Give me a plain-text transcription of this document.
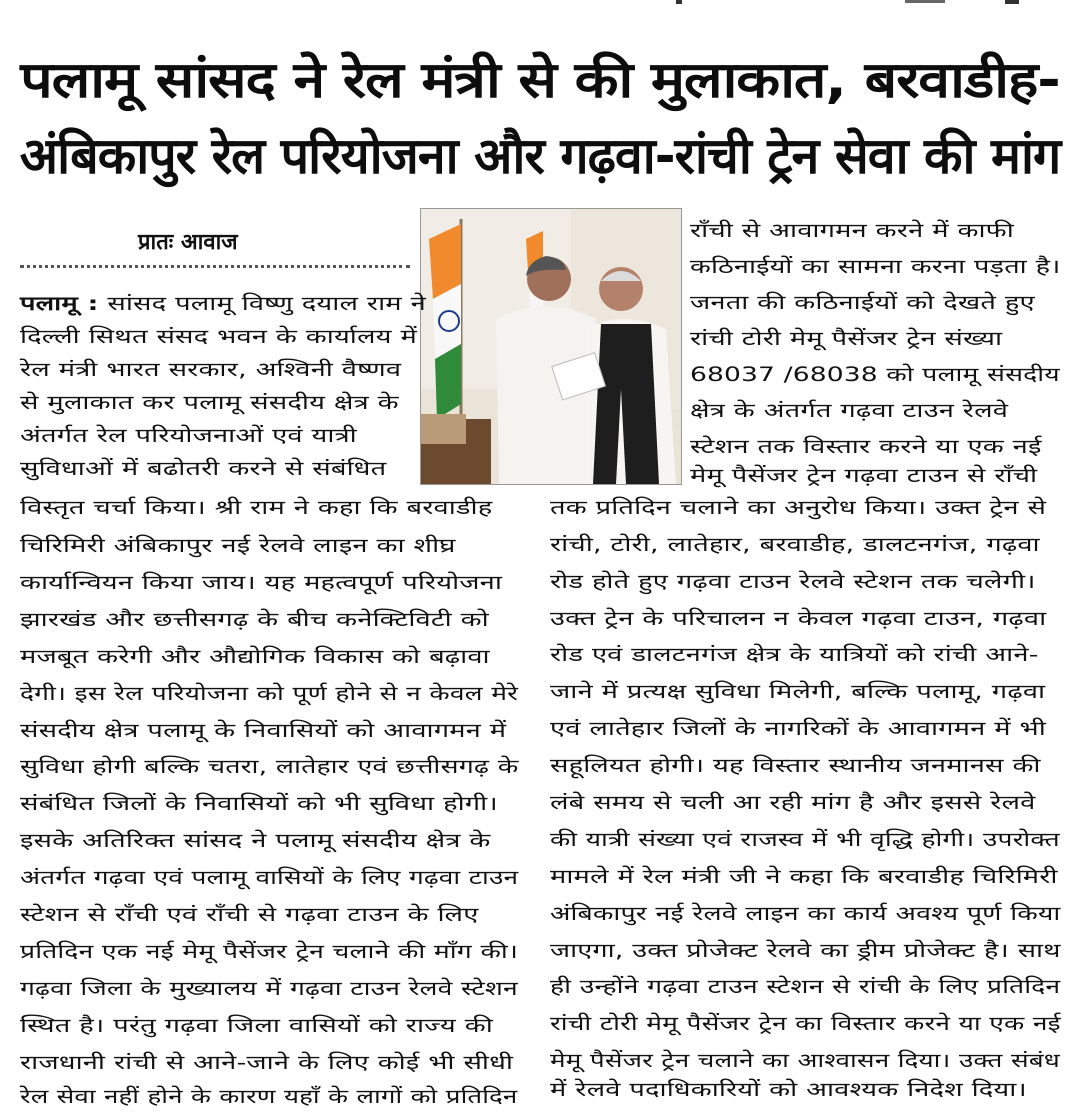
पलामू सांसद ने रेल मंत्री से की मुलाकात, बरवाडीह-
अंबिकापुर रेल परियोजना और गढ़वा-रांची ट्रेन सेवा की मांग
प्रातः आवाज
पलामू : सांसद पलामू विष्णु दयाल राम ने
दिल्ली सिथत संसद भवन के कार्यालय में
रेल मंत्री भारत सरकार, अश्विनी वैष्णव
से मुलाकात कर पलामू संसदीय क्षेत्र के
अंतर्गत रेल परियोजनाओं एवं यात्री
सुविधाओं में बढोतरी करने से संबंधित
विस्तृत चर्चा किया। श्री राम ने कहा कि बरवाडीह
चिरिमिरी अंबिकापुर नई रेलवे लाइन का शीघ्र
कार्यान्वियन किया जाय। यह महत्वपूर्ण परियोजना
झारखंड और छत्तीसगढ़ के बीच कनेक्टिविटी को
मजबूत करेगी और औद्योगिक विकास को बढ़ावा
देगी। इस रेल परियोजना को पूर्ण होने से न केवल मेरे
संसदीय क्षेत्र पलामू के निवासियों को आवागमन में
सुविधा होगी बल्कि चतरा, लातेहार एवं छत्तीसगढ़ के
संबंधित जिलों के निवासियों को भी सुविधा होगी।
इसके अतिरिक्त सांसद ने पलामू संसदीय क्षेत्र के
अंतर्गत गढ़वा एवं पलामू वासियों के लिए गढ़वा टाउन
स्टेशन से राँची एवं राँची से गढ़वा टाउन के लिए
प्रतिदिन एक नई मेमू पैसेंजर ट्रेन चलाने की माँग की।
गढ़वा जिला के मुख्यालय में गढ़वा टाउन रेलवे स्टेशन
स्थित है। परंतु गढ़वा जिला वासियों को राज्य की
राजधानी रांची से आने-जाने के लिए कोई भी सीधी
रेल सेवा नहीं होने के कारण यहाँ के लागों को प्रतिदिन
राँची से आवागमन करने में काफी
कठिनाईयों का सामना करना पड़ता है।
जनता की कठिनाईयों को देखते हुए
रांची टोरी मेमू पैसेंजर ट्रेन संख्या
68037 /68038 को पलामू संसदीय
क्षेत्र के अंतर्गत गढ़वा टाउन रेलवे
स्टेशन तक विस्तार करने या एक नई
मेमू पैसेंजर ट्रेन गढ़वा टाउन से राँची
तक प्रतिदिन चलाने का अनुरोध किया। उक्त ट्रेन से
रांची, टोरी, लातेहार, बरवाडीह, डालटनगंज, गढ़वा
रोड होते हुए गढ़वा टाउन रेलवे स्टेशन तक चलेगी।
उक्त ट्रेन के परिचालन न केवल गढ़वा टाउन, गढ़वा
रोड एवं डालटनगंज क्षेत्र के यात्रियों को रांची आने-
जाने में प्रत्यक्ष सुविधा मिलेगी, बल्कि पलामू, गढ़वा
एवं लातेहार जिलों के नागरिकों के आवागमन में भी
सहूलियत होगी। यह विस्तार स्थानीय जनमानस की
लंबे समय से चली आ रही मांग है और इससे रेलवे
की यात्री संख्या एवं राजस्व में भी वृद्धि होगी। उपरोक्त
मामले में रेल मंत्री जी ने कहा कि बरवाडीह चिरिमिरी
अंबिकापुर नई रेलवे लाइन का कार्य अवश्य पूर्ण किया
जाएगा, उक्त प्रोजेक्ट रेलवे का ड्रीम प्रोजेक्ट है। साथ
ही उन्होंने गढ़वा टाउन स्टेशन से रांची के लिए प्रतिदिन
रांची टोरी मेमू पैसेंजर ट्रेन का विस्तार करने या एक नई
मेमू पैसेंजर ट्रेन चलाने का आश्वासन दिया। उक्त संबंध
में रेलवे पदाधिकारियों को आवश्यक निदेश दिया।
